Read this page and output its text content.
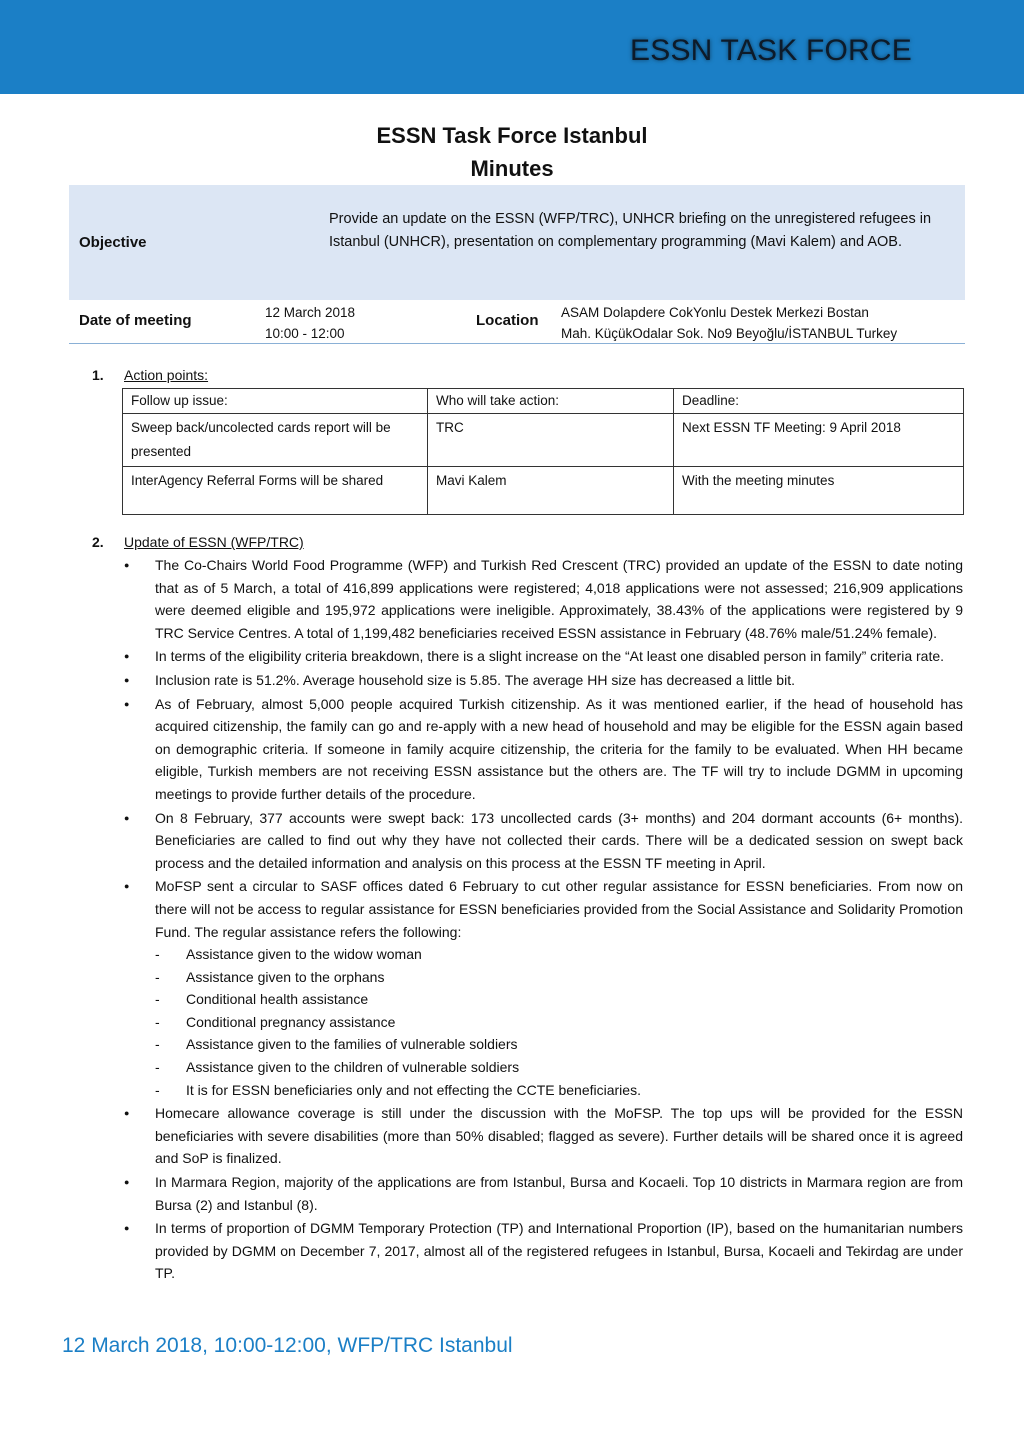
ESSN TASK FORCE
ESSN Task Force Istanbul
Minutes
Objective
Provide an update on the ESSN (WFP/TRC), UNHCR briefing on the unregistered refugees in Istanbul (UNHCR), presentation on complementary programming (Mavi Kalem) and AOB.
Date of meeting	12 March 2018
10:00 - 12:00
Location ASAM Dolapdere CokYonlu Destek Merkezi Bostan
Mah. KüçükOdalar Sok. No9 Beyoğlu/İSTANBUL Turkey
1. Action points:
Follow up issue:	Who will take action:	Deadline:
Sweep back/uncolected cards report will be presented	TRC	Next ESSN TF Meeting: 9 April 2018
InterAgency Referral Forms will be shared	Mavi Kalem	With the meeting minutes
2. Update of ESSN (WFP/TRC)
● The Co-Chairs World Food Programme (WFP) and Turkish Red Crescent (TRC) provided an update of the ESSN to date noting that as of 5 March, a total of 416,899 applications were registered; 4,018 applications were not assessed; 216,909 applications were deemed eligible and 195,972 applications were ineligible. Approximately, 38.43% of the applications were registered by 9 TRC Service Centres. A total of 1,199,482 beneficiaries received ESSN assistance in February (48.76% male/51.24% female).
● In terms of the eligibility criteria breakdown, there is a slight increase on the “At least one disabled person in family” criteria rate.
● Inclusion rate is 51.2%. Average household size is 5.85. The average HH size has decreased a little bit.
● As of February, almost 5,000 people acquired Turkish citizenship. As it was mentioned earlier, if the head of household has acquired citizenship, the family can go and re-apply with a new head of household and may be eligible for the ESSN again based on demographic criteria. If someone in family acquire citizenship, the criteria for the family to be evaluated. When HH became eligible, Turkish members are not receiving ESSN assistance but the others are. The TF will try to include DGMM in upcoming meetings to provide further details of the procedure.
● On 8 February, 377 accounts were swept back: 173 uncollected cards (3+ months) and 204 dormant accounts (6+ months). Beneficiaries are called to find out why they have not collected their cards. There will be a dedicated session on swept back process and the detailed information and analysis on this process at the ESSN TF meeting in April.
● MoFSP sent a circular to SASF offices dated 6 February to cut other regular assistance for ESSN beneficiaries. From now on there will not be access to regular assistance for ESSN beneficiaries provided from the Social Assistance and Solidarity Promotion Fund. The regular assistance refers the following:
- Assistance given to the widow woman
- Assistance given to the orphans
- Conditional health assistance
- Conditional pregnancy assistance
- Assistance given to the families of vulnerable soldiers
- Assistance given to the children of vulnerable soldiers
- It is for ESSN beneficiaries only and not effecting the CCTE beneficiaries.
● Homecare allowance coverage is still under the discussion with the MoFSP. The top ups will be provided for the ESSN beneficiaries with severe disabilities (more than 50% disabled; flagged as severe). Further details will be shared once it is agreed and SoP is finalized.
● In Marmara Region, majority of the applications are from Istanbul, Bursa and Kocaeli. Top 10 districts in Marmara region are from Bursa (2) and Istanbul (8).
● In terms of proportion of DGMM Temporary Protection (TP) and International Proportion (IP), based on the humanitarian numbers provided by DGMM on December 7, 2017, almost all of the registered refugees in Istanbul, Bursa, Kocaeli and Tekirdag are under TP.
12 March 2018, 10:00-12:00, WFP/TRC Istanbul
